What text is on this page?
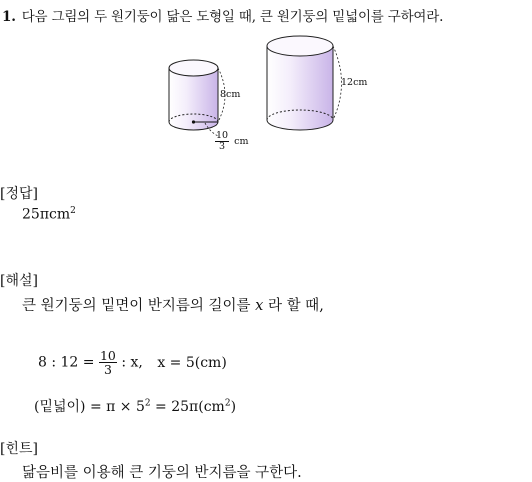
1. 다음 그림의 두 원기둥이 닮은 도형일 때, 큰 원기둥의 밑넓이를 구하여라.
8cm
12cm
$\frac{10}{3}$ cm
[정답]
25πcm$^2$
[해설]
큰 원기둥의 밑면이 반지름의 길이를 x 라 할 때,
8 : $12 = \frac{10}{3}$ : x, x = 5(cm)
(밑넓이) = $\pi \times 5^2 = 25\pi(cm^2)$
[힌트]
닮음비를 이용해 큰 기둥의 반지름을 구한다.
